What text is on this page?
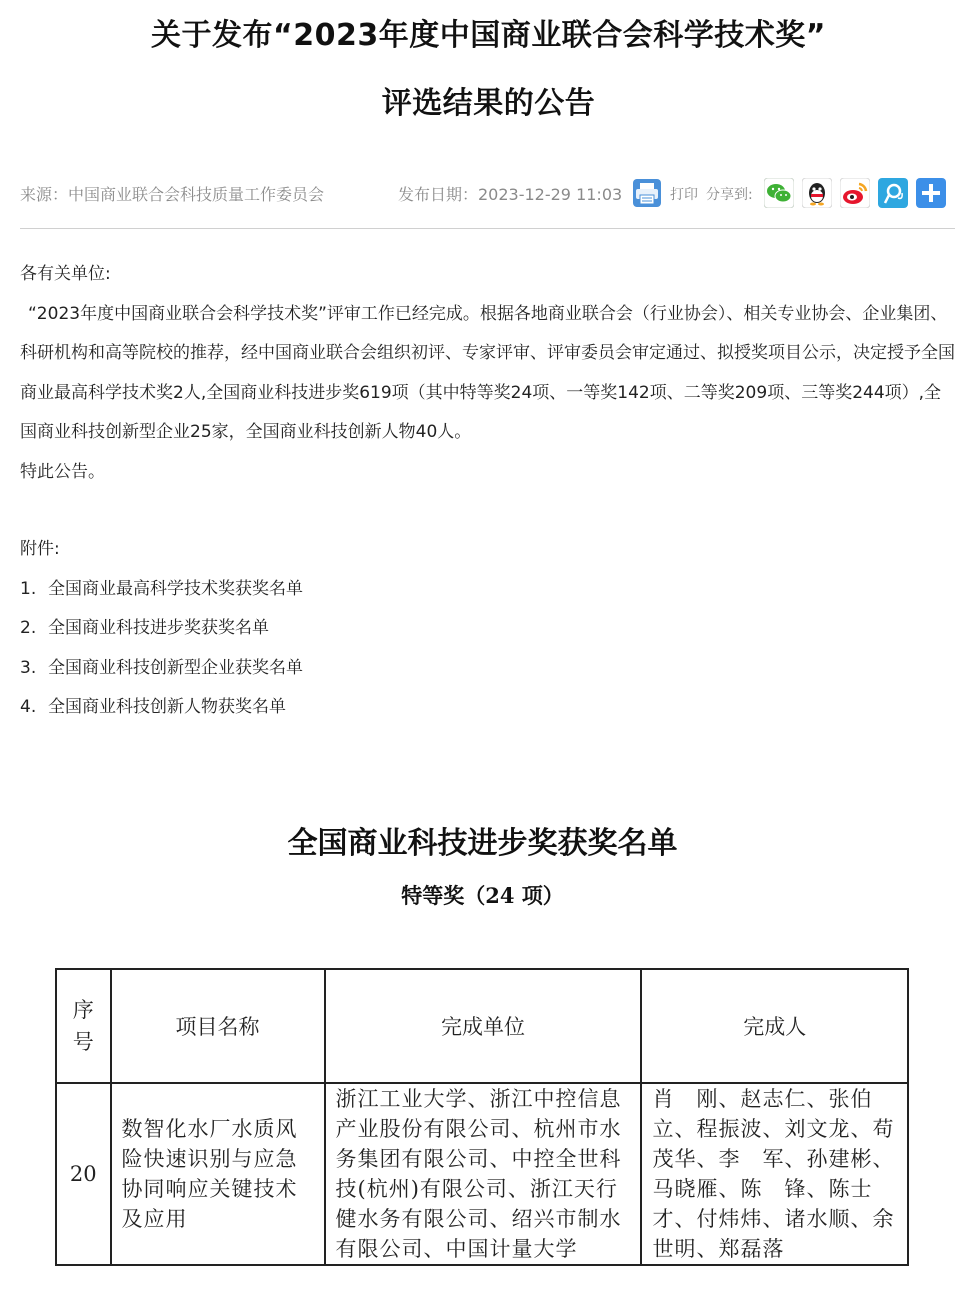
关于发布“2023年度中国商业联合会科学技术奖”
评选结果的公告
来源：中国商业联合会科技质量工作委员会	发布日期：2023-12-29 11:03	打印 分享到:

各有关单位:

“2023年度中国商业联合会科学技术奖”评审工作已经完成。根据各地商业联合会（行业协会）、相关专业协会、企业集团、科研机构和高等院校的推荐，经中国商业联合会组织初评、专家评审、评审委员会审定通过、拟授奖项目公示，决定授予全国商业最高科学技术奖2人,全国商业科技进步奖619项（其中特等奖24项、一等奖142项、二等奖209项、三等奖244项）,全国商业科技创新型企业25家，全国商业科技创新人物40人。

特此公告。

附件:

1. 全国商业最高科学技术奖获奖名单

2. 全国商业科技进步奖获奖名单

3. 全国商业科技创新型企业获奖名单

4. 全国商业科技创新人物获奖名单

全国商业科技进步奖获奖名单
特等奖（24 项）
序号	项目名称	完成单位	完成人
20	数智化水厂水质风险快速识别与应急协同响应关键技术及应用	浙江工业大学、浙江中控信息产业股份有限公司、杭州市水务集团有限公司、中控全世科技(杭州)有限公司、浙江天行健水务有限公司、绍兴市制水有限公司、中国计量大学	肖　刚、赵志仁、张伯立、程振波、刘文龙、苟茂华、李　军、孙建彬、马晓雁、陈　锋、陈士才、付炜炜、诸水顺、余世明、郑磊落
